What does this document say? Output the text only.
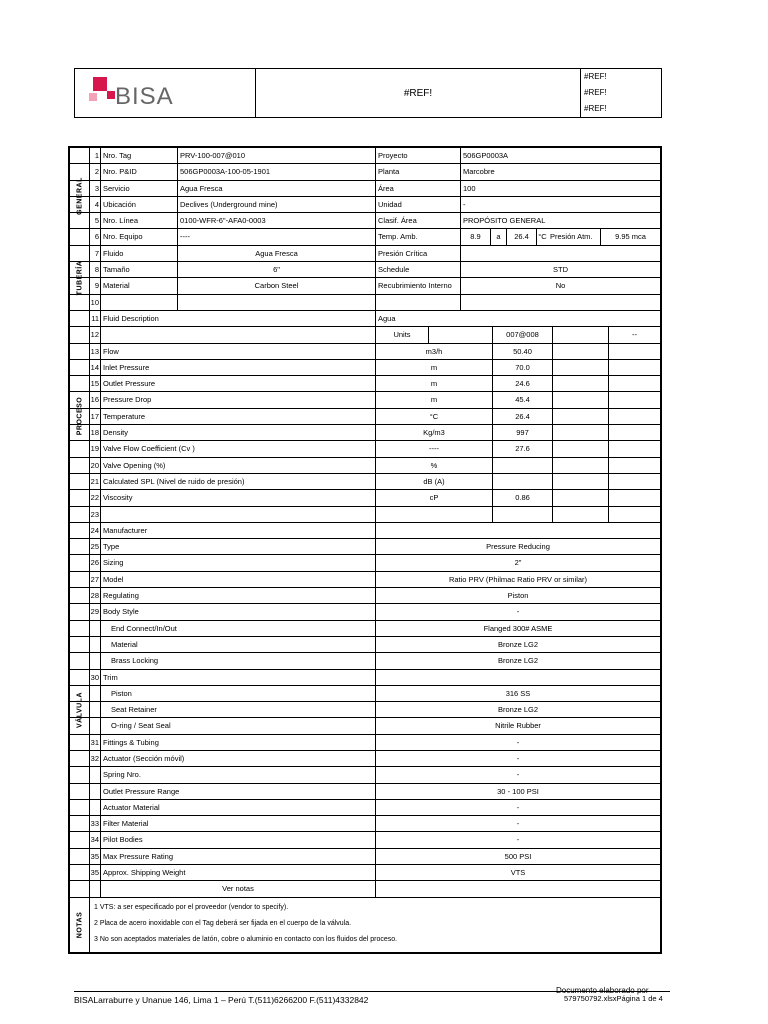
BISA	#REF!
#REF!
#REF!
#REF!
1 Nro. Tag	PRV-100-007@010	Proyecto	506GP0003A
2 Nro. P&ID	506GP0003A-100-05-1901	Planta	Marcobre
3 Servicio	Agua Fresca	Área	100
4 Ubicación	Declives (Underground mine)	Unidad	-
5 Nro. Línea	0100-WFR-6"-AFA0-0003	Clasif. Área	PROPÓSITO GENERAL
6 Nro. Equipo	----	Temp. Amb.	8.9	a	26.4	°C Presión Atm.	9.95 mca
7 Fluido	Agua Fresca	Presión Crítica
8 Tamaño	6"	Schedule	STD
9 Material	Carbon Steel	Recubrimiento Interno	No
10
11 Fluid Description	Agua
12	Units	007@008	--
13 Flow	m3/h	50.40
14 Inlet Pressure	m	70.0
15 Outlet Pressure	m	24.6
16 Pressure Drop	m	45.4
17 Temperature	°C	26.4
18 Density	Kg/m3	997
19 Valve Flow Coefficient (Cv )	----	27.6
20 Valve Opening (%)	%
21 Calculated SPL (Nivel de ruido de presión)	dB (A)
22 Viscosity	cP	0.86
23
24 Manufacturer
25 Type	Pressure Reducing
26 Sizing	2"
27 Model	Ratio PRV (Philmac Ratio PRV or similar)
28 Regulating	Piston
29 Body Style	-
End Connect/In/Out	Flanged 300# ASME
Material	Bronze LG2
Brass Locking	Bronze LG2
30 Trim
Piston	316 SS
Seat Retainer	Bronze LG2
O-ring / Seat Seal	Nitrile Rubber
31 Fittings & Tubing	-
32 Actuator (Sección móvil)	-
Spring Nro.	-
Outlet Pressure Range	30 - 100 PSI
Actuator Material	-
33 Filter Material	-
34 Pilot Bodies	-
35 Max Pressure Rating	500 PSI
35 Approx. Shipping Weight	VTS
Ver notas
1 VTS: a ser especificado por el proveedor (vendor to specify).
2 Placa de acero inoxidable con el Tag deberá ser fijada en el cuerpo de la válvula.
3 No son aceptados materiales de latón, cobre o aluminio en contacto con los fluidos del proceso.
GENERAL
TUBERÍA
PROCESO
VÁLVULA
NOTAS
Documento elaborado por
579750792.xlsxPágina 1 de 4
BISALarraburre y Unanue 146, Lima 1 – Perú T.(511)6266200 F.(511)4332842
